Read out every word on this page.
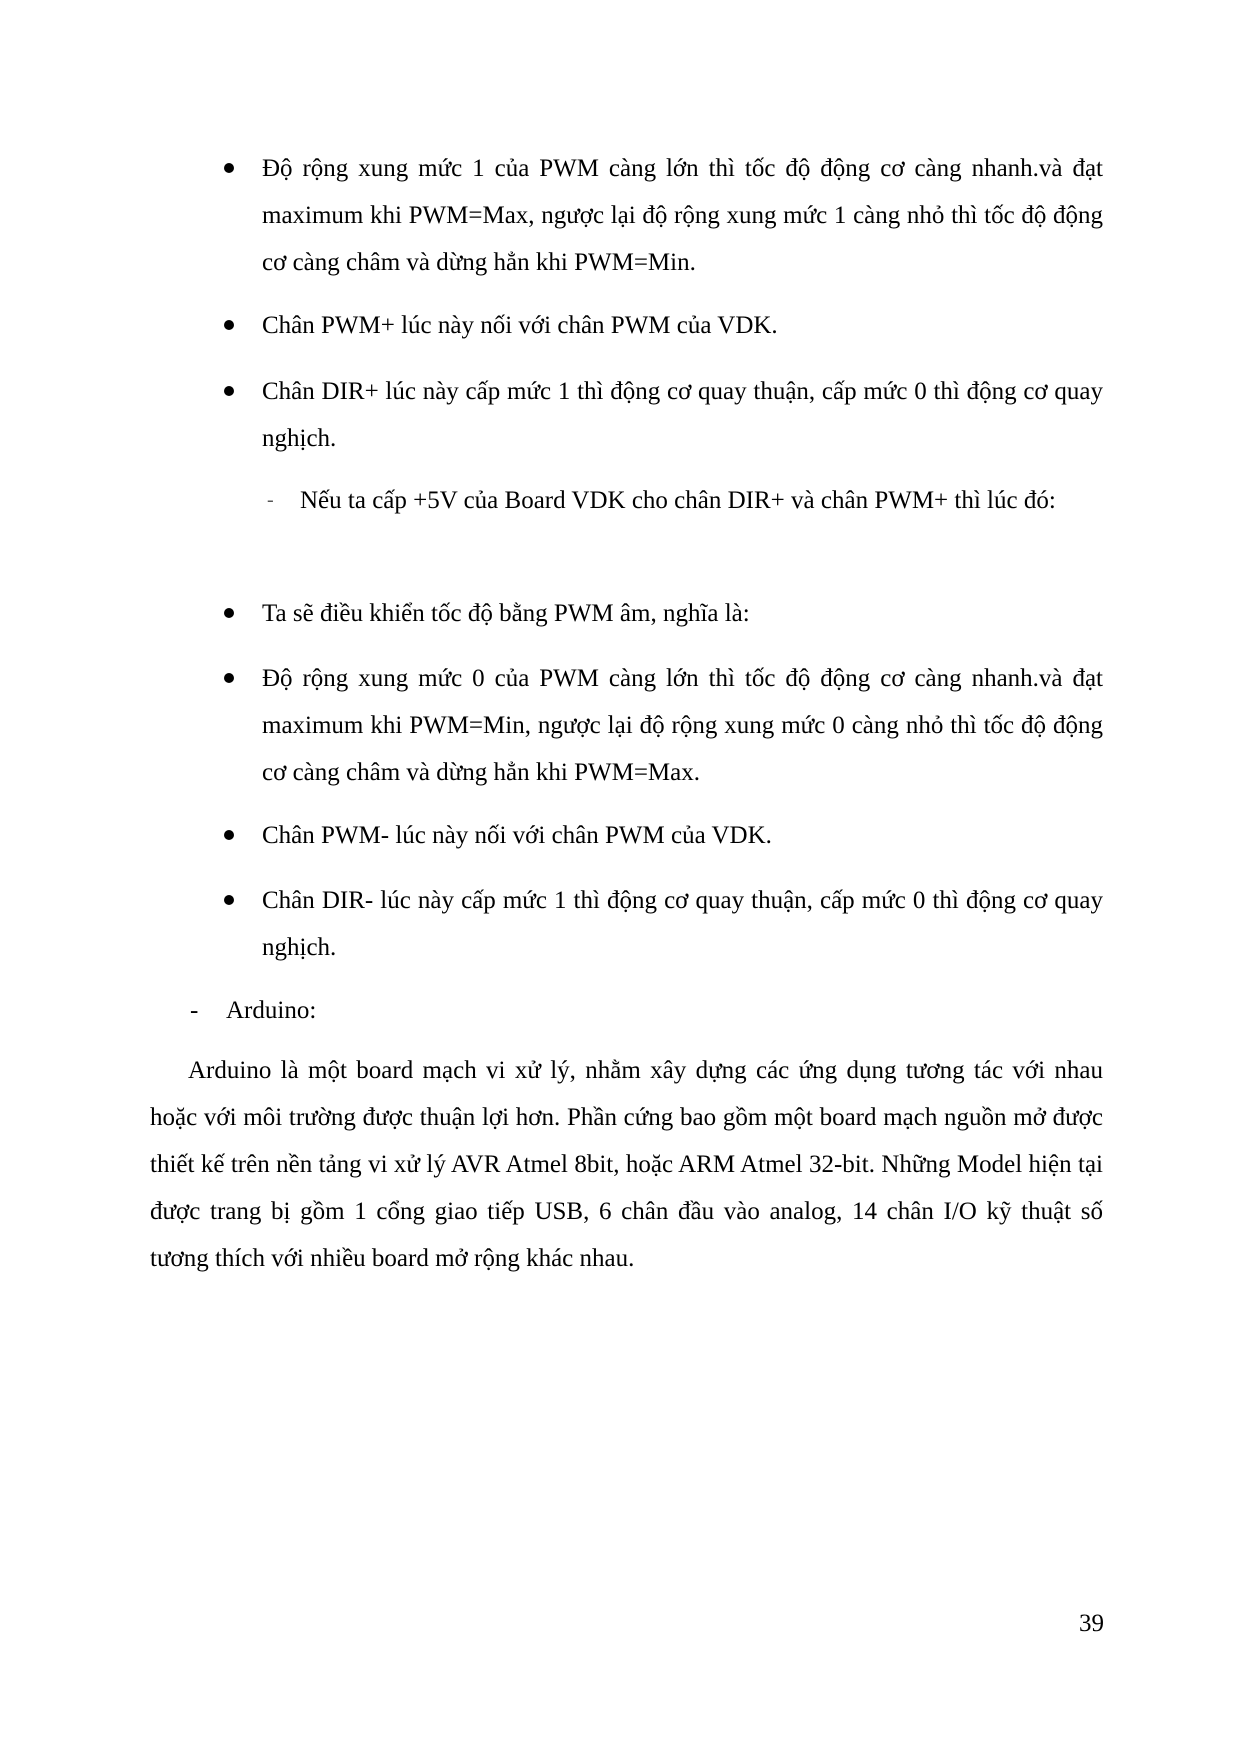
Độ rộng xung mức 1 của PWM càng lớn thì tốc độ động cơ càng nhanh.và đạt maximum khi PWM=Max, ngược lại độ rộng xung mức 1 càng nhỏ thì tốc độ động cơ càng châm và dừng hẳn khi PWM=Min.
Chân PWM+ lúc này nối với chân PWM của VDK.
Chân DIR+ lúc này cấp mức 1 thì động cơ quay thuận, cấp mức 0 thì động cơ quay nghịch.
- Nếu ta cấp +5V của Board VDK cho chân DIR+ và chân PWM+ thì lúc đó:
Ta sẽ điều khiển tốc độ bằng PWM âm, nghĩa là:
Độ rộng xung mức 0 của PWM càng lớn thì tốc độ động cơ càng nhanh.và đạt maximum khi PWM=Min, ngược lại độ rộng xung mức 0 càng nhỏ thì tốc độ động cơ càng châm và dừng hẳn khi PWM=Max.
Chân PWM- lúc này nối với chân PWM của VDK.
Chân DIR- lúc này cấp mức 1 thì động cơ quay thuận, cấp mức 0 thì động cơ quay nghịch.
- Arduino:
Arduino là một board mạch vi xử lý, nhằm xây dựng các ứng dụng tương tác với nhau hoặc với môi trường được thuận lợi hơn. Phần cứng bao gồm một board mạch nguồn mở được thiết kế trên nền tảng vi xử lý AVR Atmel 8bit, hoặc ARM Atmel 32-bit. Những Model hiện tại được trang bị gồm 1 cổng giao tiếp USB, 6 chân đầu vào analog, 14 chân I/O kỹ thuật số tương thích với nhiều board mở rộng khác nhau.
39
